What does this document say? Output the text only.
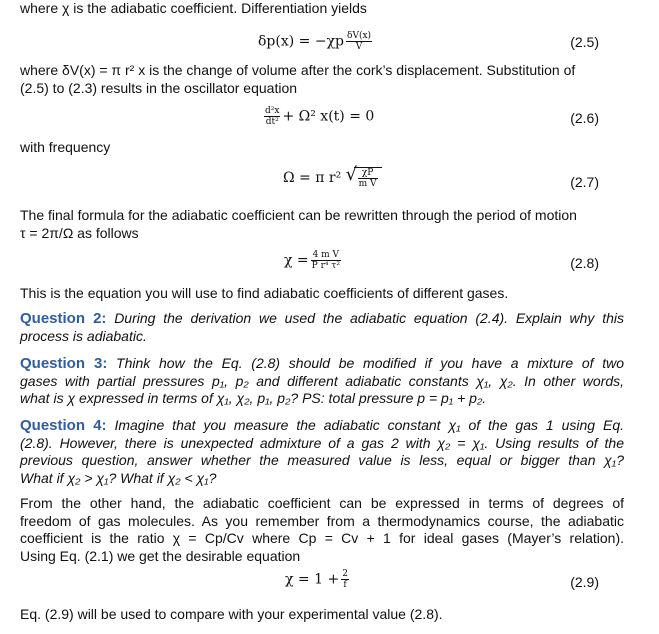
where χ is the adiabatic coefficient. Differentiation yields

$\delta p(x) = -\chi p \frac{\delta V(x)}{V}$	(2.5)

where δV(x) = π r² x is the change of volume after the cork’s displacement. Substitution of
(2.5) to (2.3) results in the oscillator equation

$\frac{\text{d²x}}{\text{dt²}} + \Omega^2$ x(t) = 0	(2.6)

with frequency

Ω = π r² √ $\frac{\chi P}{\text{m V}}$	(2.7)

The final formula for the adiabatic coefficient can be rewritten through the period of motion
τ = 2π/Ω as follows

$\chi = \frac{\text{4 m V}}{\text{P r⁴ τ²}}$	(2.8)

This is the equation you will use to find adiabatic coefficients of different gases.

Question 2: During the derivation we used the adiabatic equation (2.4). Explain why this
process is adiabatic.

Question 3: Think how the Eq. (2.8) should be modified if you have a mixture of two
gases with partial pressures p₁, p₂ and different adiabatic constants χ₁, χ₂. In other words,
what is χ expressed in terms of χ₁, χ₂, p₁, p₂? PS: total pressure p = p₁ + p₂.

Question 4: Imagine that you measure the adiabatic constant χ₁ of the gas 1 using Eq.
(2.8). However, there is unexpected admixture of a gas 2 with χ₂ = χ₁. Using results of the
previous question, answer whether the measured value is less, equal or bigger than χ₁?
What if χ₂ > χ₁? What if χ₂ < χ₁?

From the other hand, the adiabatic coefficient can be expressed in terms of degrees of
freedom of gas molecules. As you remember from a thermodynamics course, the adiabatic
coefficient is the ratio χ = Cp/Cv where Cp = Cv + 1 for ideal gases (Mayer’s relation).
Using Eq. (2.1) we get the desirable equation

$\chi = 1 + \frac{2}{f}$	(2.9)

Eq. (2.9) will be used to compare with your experimental value (2.8).
